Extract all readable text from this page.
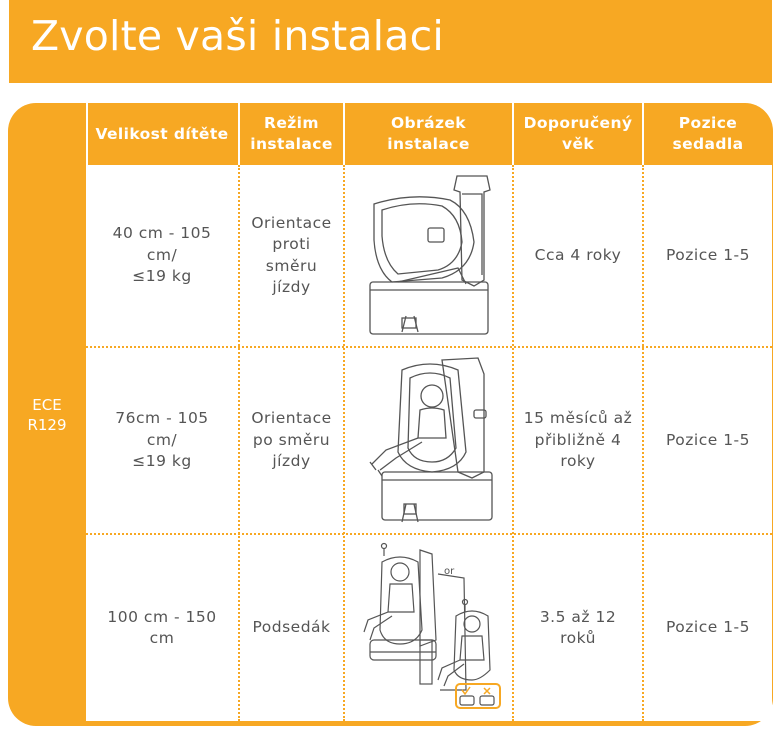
Zvolte vaši instalaci
ECE
R129
Velikost dítěte
Režim
instalace
Obrázek
instalace
Doporučený
věk
Pozice
sedadla
40 cm - 105
cm/
≤19 kg
Orientace
proti
směru
jízdy
Cca 4 roky	Pozice 1-5
76cm - 105
cm/
≤19 kg
Orientace
po směru
jízdy
15 měsíců až
přibližně 4
roky
Pozice 1-5
100 cm - 150
cm
Podsedák
3.5 až 12
roků
Pozice 1-5
or
